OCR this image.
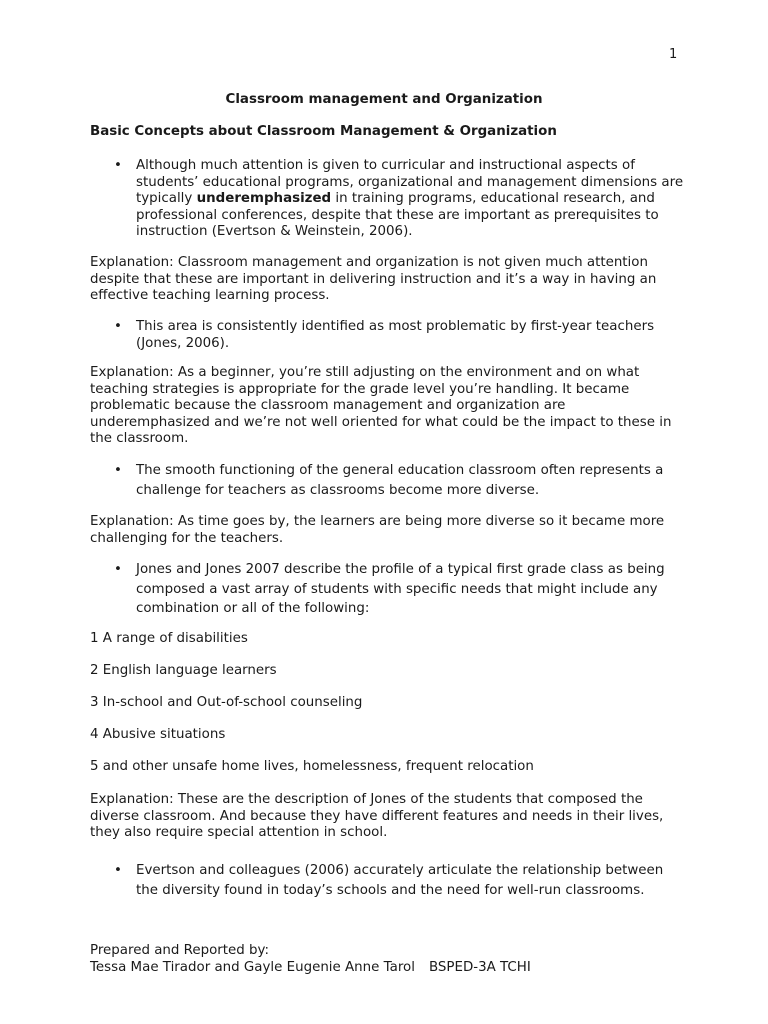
1
Classroom management and Organization
Basic Concepts about Classroom Management & Organization
• Although much attention is given to curricular and instructional aspects of students’ educational programs, organizational and management dimensions are typically underemphasized in training programs, educational research, and professional conferences, despite that these are important as prerequisites to instruction (Evertson & Weinstein, 2006).
Explanation: Classroom management and organization is not given much attention despite that these are important in delivering instruction and it’s a way in having an effective teaching learning process.
• This area is consistently identified as most problematic by first-year teachers (Jones, 2006).
Explanation: As a beginner, you’re still adjusting on the environment and on what teaching strategies is appropriate for the grade level you’re handling. It became problematic because the classroom management and organization are underemphasized and we’re not well oriented for what could be the impact to these in the classroom.
• The smooth functioning of the general education classroom often represents a challenge for teachers as classrooms become more diverse.
Explanation: As time goes by, the learners are being more diverse so it became more challenging for the teachers.
• Jones and Jones 2007 describe the profile of a typical first grade class as being composed a vast array of students with specific needs that might include any combination or all of the following:
1 A range of disabilities
2 English language learners
3 In-school and Out-of-school counseling
4 Abusive situations
5 and other unsafe home lives, homelessness, frequent relocation
Explanation: These are the description of Jones of the students that composed the diverse classroom. And because they have different features and needs in their lives, they also require special attention in school.
• Evertson and colleagues (2006) accurately articulate the relationship between the diversity found in today’s schools and the need for well-run classrooms.
Prepared and Reported by:
Tessa Mae Tirador and Gayle Eugenie Anne Tarol BSPED-3A TCHI
